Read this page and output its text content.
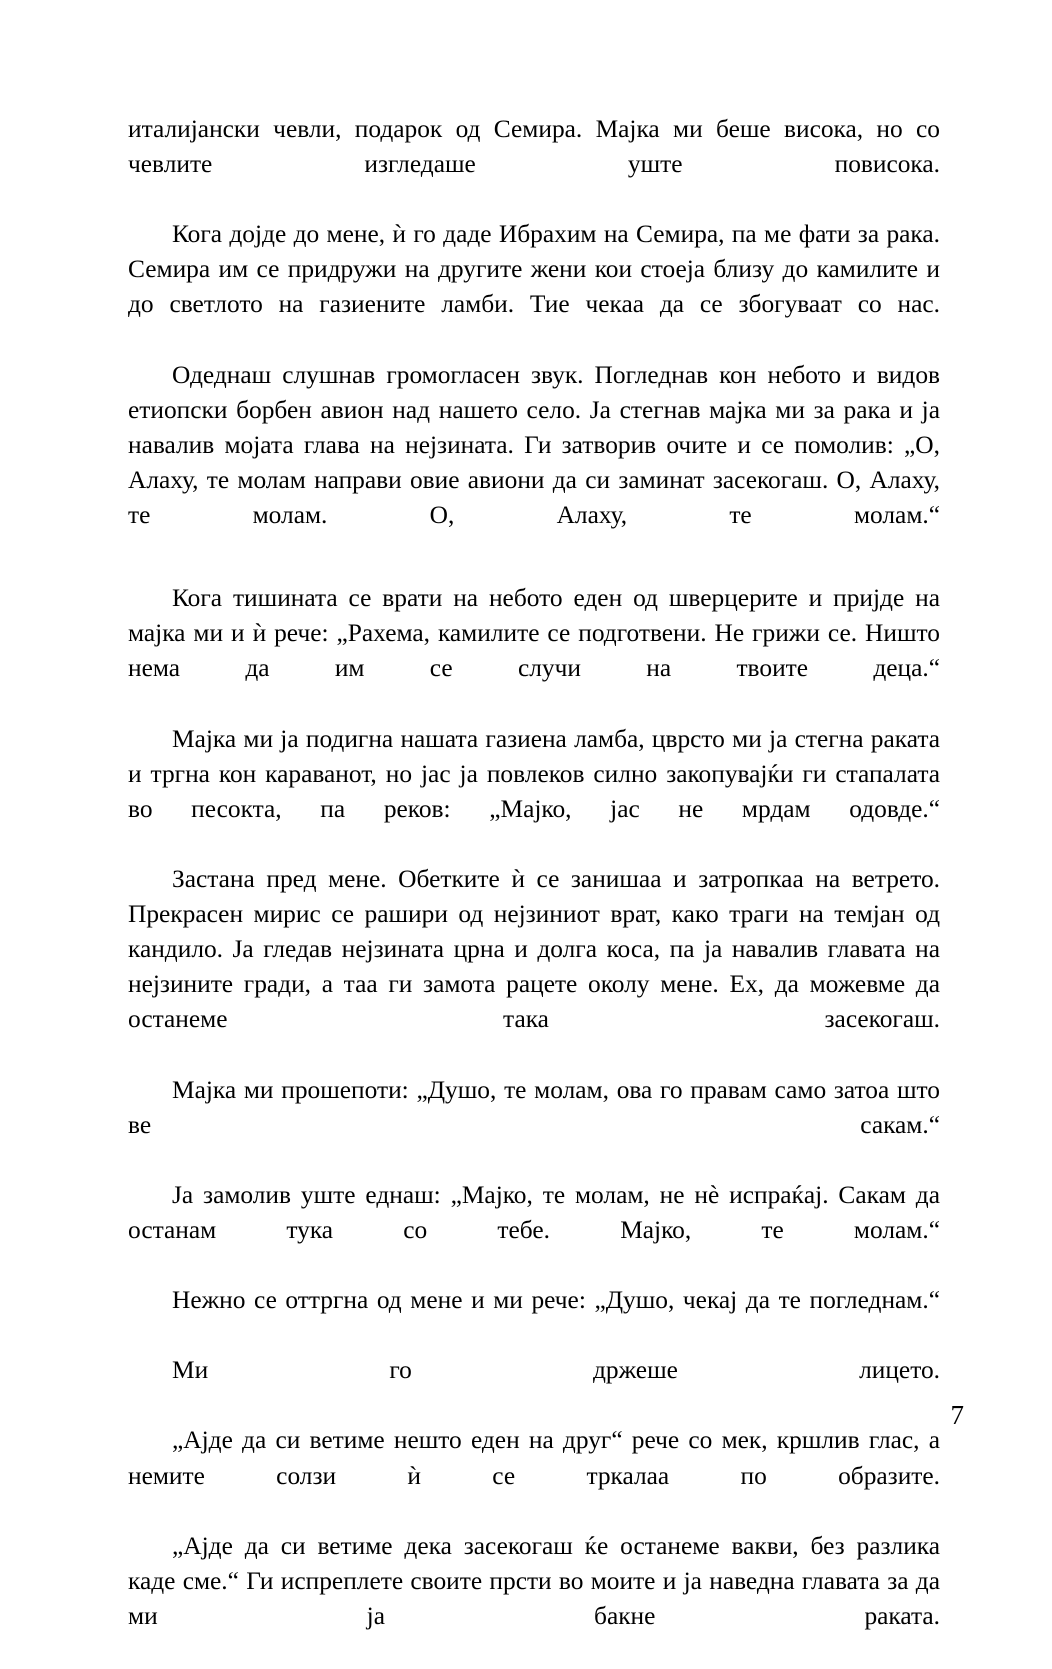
италијански чевли, подарок од Семира. Мајка ми беше висока, но со чевлите изгледаше уште повисока.

Кога дојде до мене, ѝ го даде Ибрахим на Семира, па ме фати за рака. Семира им се придружи на другите жени кои стоеја близу до камилите и до светлото на газиените ламби. Тие чекаа да се збогуваат со нас.

Одеднаш слушнав громогласен звук. Погледнав кон небото и видов етиопски борбен авион над нашето село. Ја стегнав мајка ми за рака и ја навалив мојата глава на нејзината. Ги затворив очите и се помолив: „О, Алаху, те молам направи овие авиони да си заминат засекогаш. О, Алаху, те молам. О, Алаху, те молам.“

Кога тишината се врати на небото еден од шверцерите и пријде на мајка ми и ѝ рече: „Рахема, камилите се подготвени. Не грижи се. Ништо нема да им се случи на твоите деца.“

Мајка ми ја подигна нашата газиена ламба, цврсто ми ја стегна раката и тргна кон караванот, но јас ја повлеков силно закопувајќи ги стапалата во песокта, па реков: „Мајко, јас не мрдам одовде.“

Застана пред мене. Обетките ѝ се занишаа и затропкаа на ветрето. Прекрасен мирис се рашири од нејзиниот врат, како траги на темјан од кандило. Ја гледав нејзината црна и долга коса, па ја навалив главата на нејзините гради, а таа ги замота рацете околу мене. Ех, да можевме да останеме така засекогаш.

Мајка ми прошепоти: „Душо, те молам, ова го правам само затоа што ве сакам.“

Ја замолив уште еднаш: „Мајко, те молам, не нѐ испраќај. Сакам да останам тука со тебе. Мајко, те молам.“

Нежно се оттргна од мене и ми рече: „Душо, чекај да те погледнам.“

Ми го држеше лицето.

„Ајде да си ветиме нешто еден на друг“ рече со мек, кршлив глас, а немите солзи ѝ се тркалаа по образите.

„Ајде да си ветиме дека засекогаш ќе останеме вакви, без разлика каде сме.“ Ги испреплете своите прсти во моите и ја наведна главата за да ми ја бакне раката.

7
